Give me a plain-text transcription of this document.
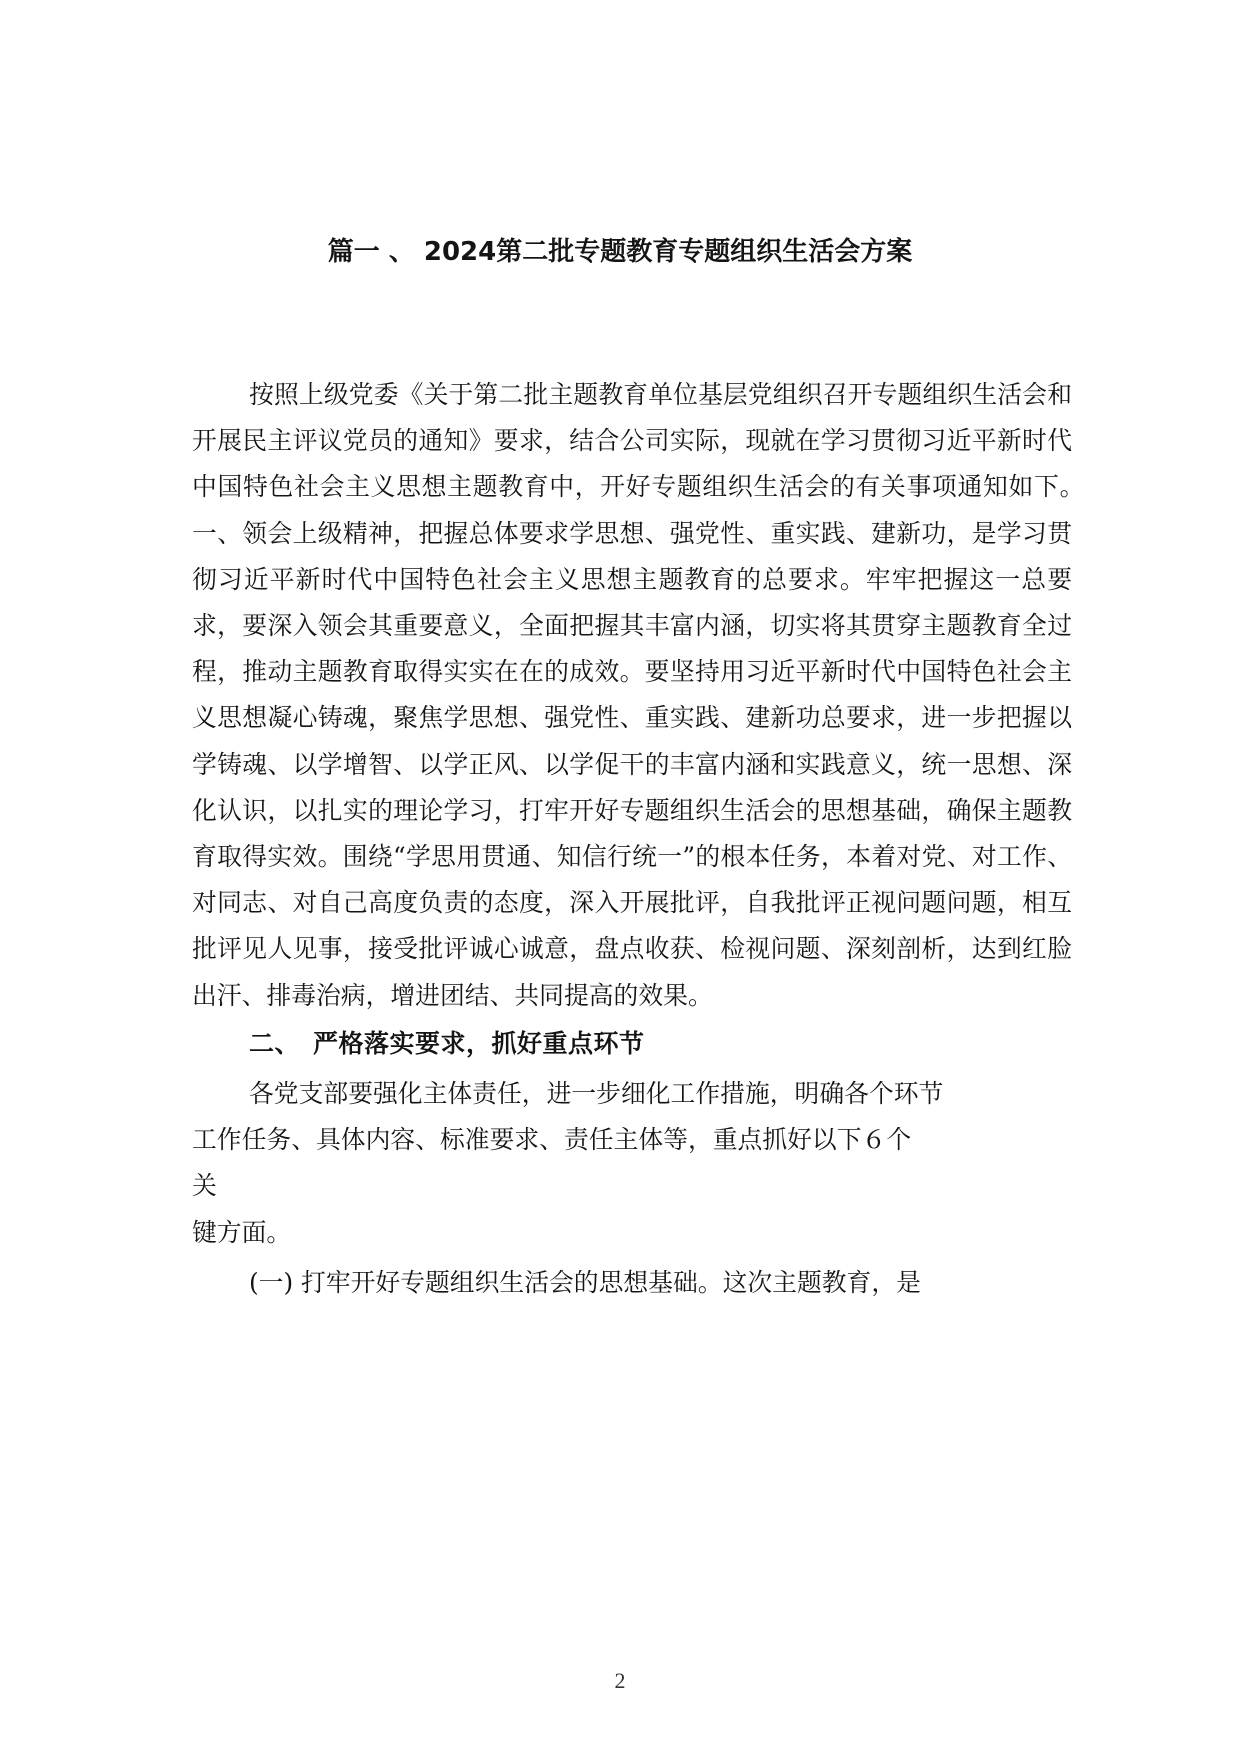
篇一 、 2024第二批专题教育专题组织生活会方案

按照上级党委《关于第二批主题教育单位基层党组织召开专题组织生活会和开展民主评议党员的通知》要求，结合公司实际，现就在学习贯彻习近平新时代中国特色社会主义思想主题教育中，开好专题组织生活会的有关事项通知如下。　一、领会上级精神，把握总体要求学思想、强党性、重实践、建新功，是学习贯彻习近平新时代中国特色社会主义思想主题教育的总要求。牢牢把握这一总要求，要深入领会其重要意义，全面把握其丰富内涵，切实将其贯穿主题教育全过程，推动主题教育取得实实在在的成效。要坚持用习近平新时代中国特色社会主义思想凝心铸魂，聚焦学思想、强党性、重实践、建新功总要求，进一步把握以学铸魂、以学增智、以学正风、以学促干的丰富内涵和实践意义，统一思想、深化认识，以扎实的理论学习，打牢开好专题组织生活会的思想基础，确保主题教育取得实效。围绕“学思用贯通、知信行统一”的根本任务，本着对党、对工作、对同志、对自己高度负责的态度，深入开展批评，自我批评正视问题问题，相互批评见人见事，接受批评诚心诚意，盘点收获、检视问题、深刻剖析，达到红脸出汗、排毒治病，增进团结、共同提高的效果。

二、　严格落实要求，抓好重点环节

各党支部要强化主体责任，进一步细化工作措施，明确各个环节

工作任务、具体内容、标准要求、责任主体等，重点抓好以下６个

关

键方面。

(一) 打牢开好专题组织生活会的思想基础。这次主题教育，是

2
